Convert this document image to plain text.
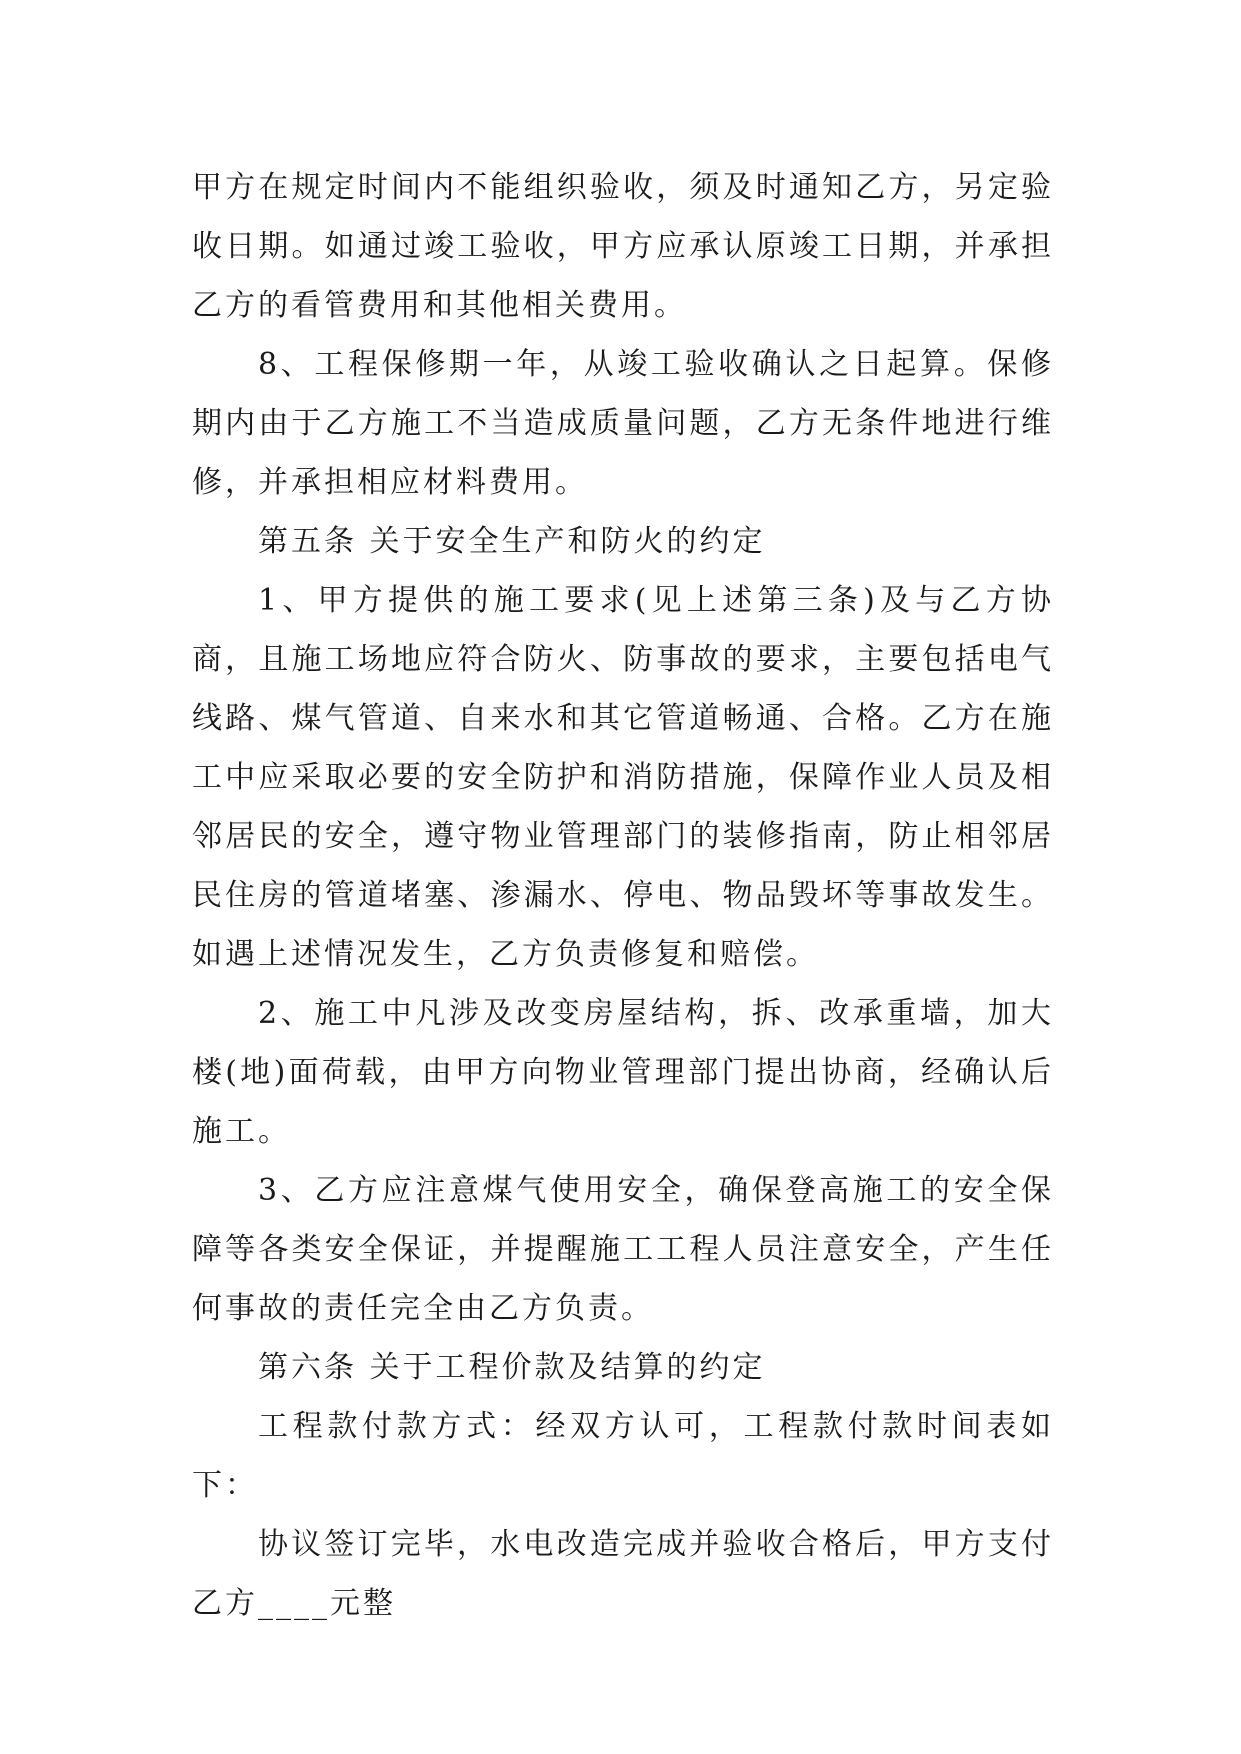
甲方在规定时间内不能组织验收，须及时通知乙方，另定验收日期。如通过竣工验收，甲方应承认原竣工日期，并承担乙方的看管费用和其他相关费用。

8、工程保修期一年，从竣工验收确认之日起算。保修期内由于乙方施工不当造成质量问题，乙方无条件地进行维修，并承担相应材料费用。

第五条 关于安全生产和防火的约定

1、甲方提供的施工要求(见上述第三条)及与乙方协商，且施工场地应符合防火、防事故的要求，主要包括电气线路、煤气管道、自来水和其它管道畅通、合格。乙方在施工中应采取必要的安全防护和消防措施，保障作业人员及相邻居民的安全，遵守物业管理部门的装修指南，防止相邻居民住房的管道堵塞、渗漏水、停电、物品毁坏等事故发生。如遇上述情况发生，乙方负责修复和赔偿。

2、施工中凡涉及改变房屋结构，拆、改承重墙，加大楼(地)面荷载，由甲方向物业管理部门提出协商，经确认后施工。

3、乙方应注意煤气使用安全，确保登高施工的安全保障等各类安全保证，并提醒施工工程人员注意安全，产生任何事故的责任完全由乙方负责。

第六条 关于工程价款及结算的约定

工程款付款方式：经双方认可，工程款付款时间表如下：

协议签订完毕，水电改造完成并验收合格后，甲方支付乙方____元整
